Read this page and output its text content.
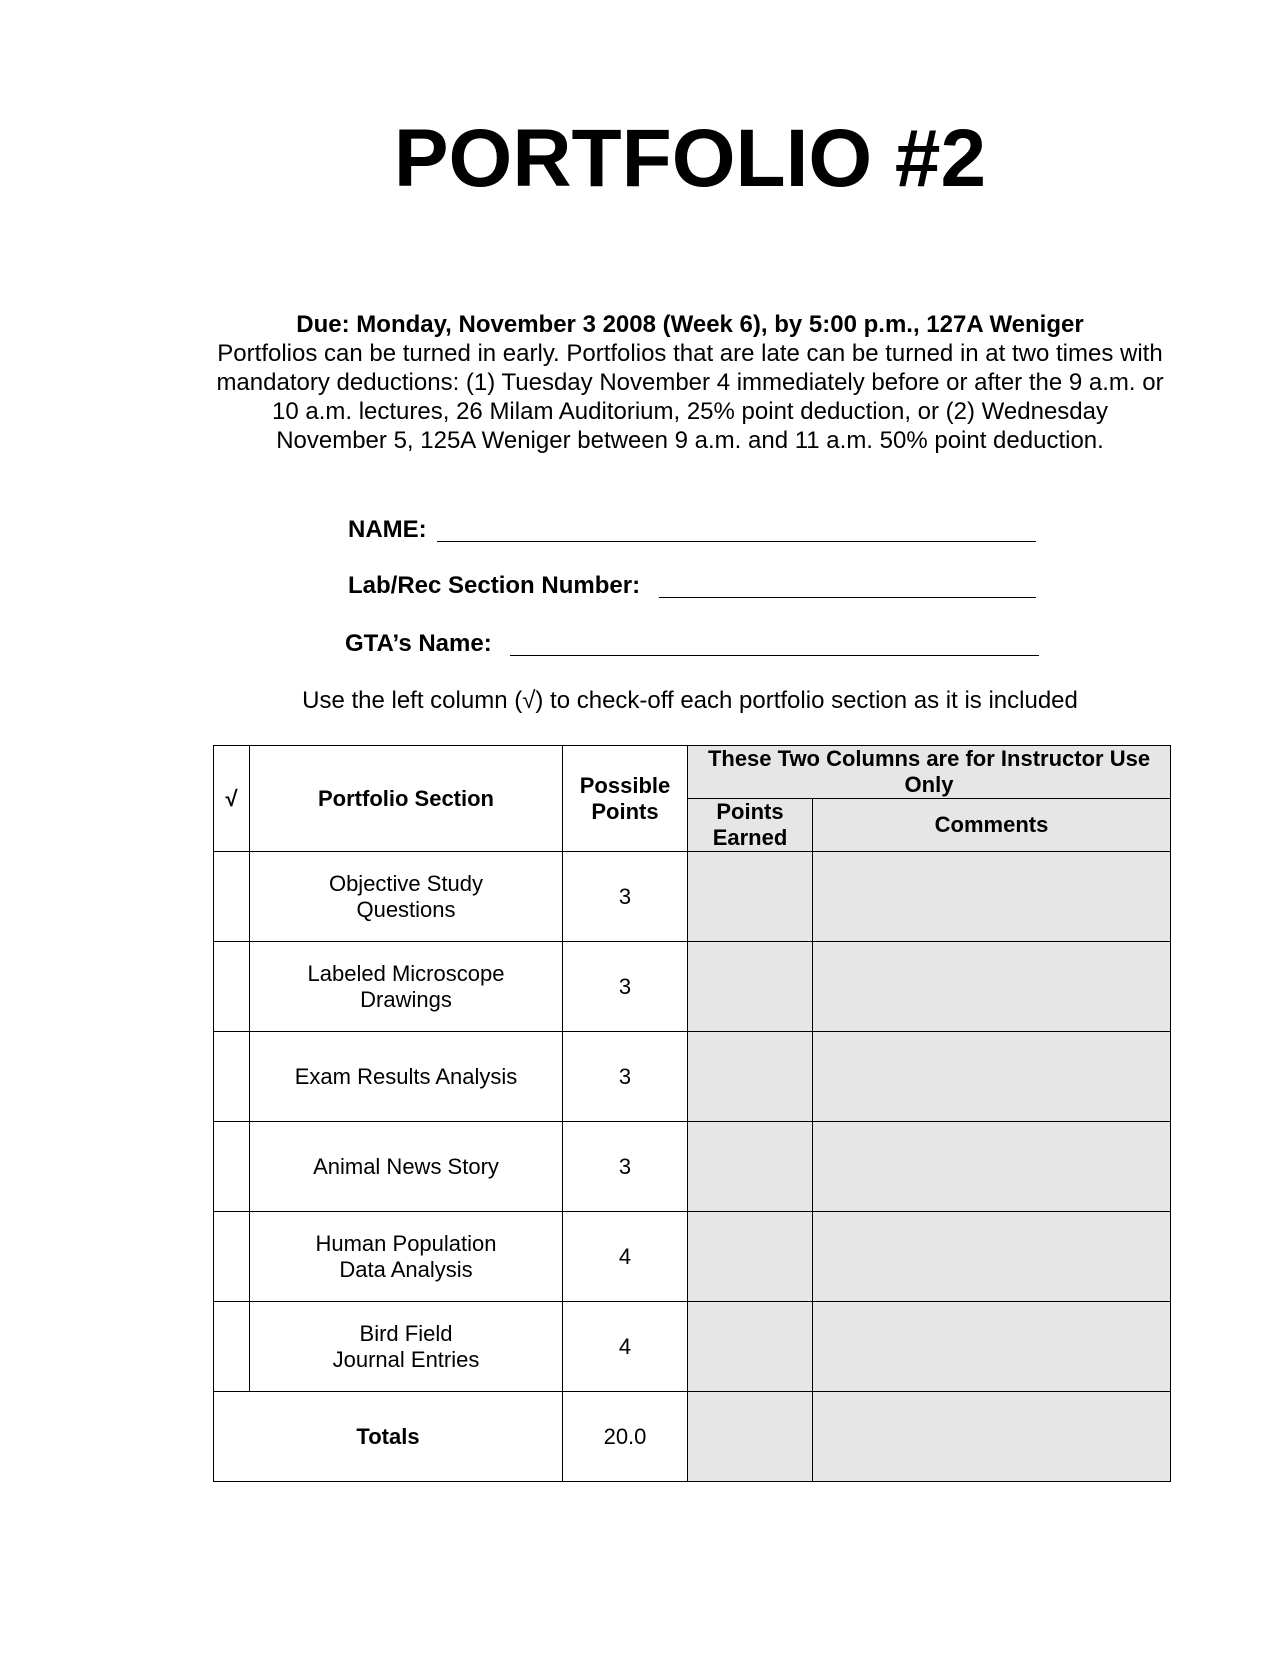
PORTFOLIO #2
Due: Monday, November 3 2008 (Week 6), by 5:00 p.m., 127A Weniger
Portfolios can be turned in early. Portfolios that are late can be turned in at two times with mandatory deductions: (1) Tuesday November 4 immediately before or after the 9 a.m. or 10 a.m. lectures, 26 Milam Auditorium, 25% point deduction, or (2) Wednesday November 5, 125A Weniger between 9 a.m. and 11 a.m. 50% point deduction.
NAME:
Lab/Rec Section Number:
GTA’s Name:
Use the left column (√) to check-off each portfolio section as it is included
√	Portfolio Section	Possible Points	These Two Columns are for Instructor Use Only	
			Points Earned	Comments
	Objective Study
Questions	3		
	Labeled Microscope
Drawings	3		
	Exam Results Analysis	3		
	Animal News Story	3		
	Human Population
Data Analysis	4		
	Bird Field
Journal Entries	4		
Totals		20.0		
